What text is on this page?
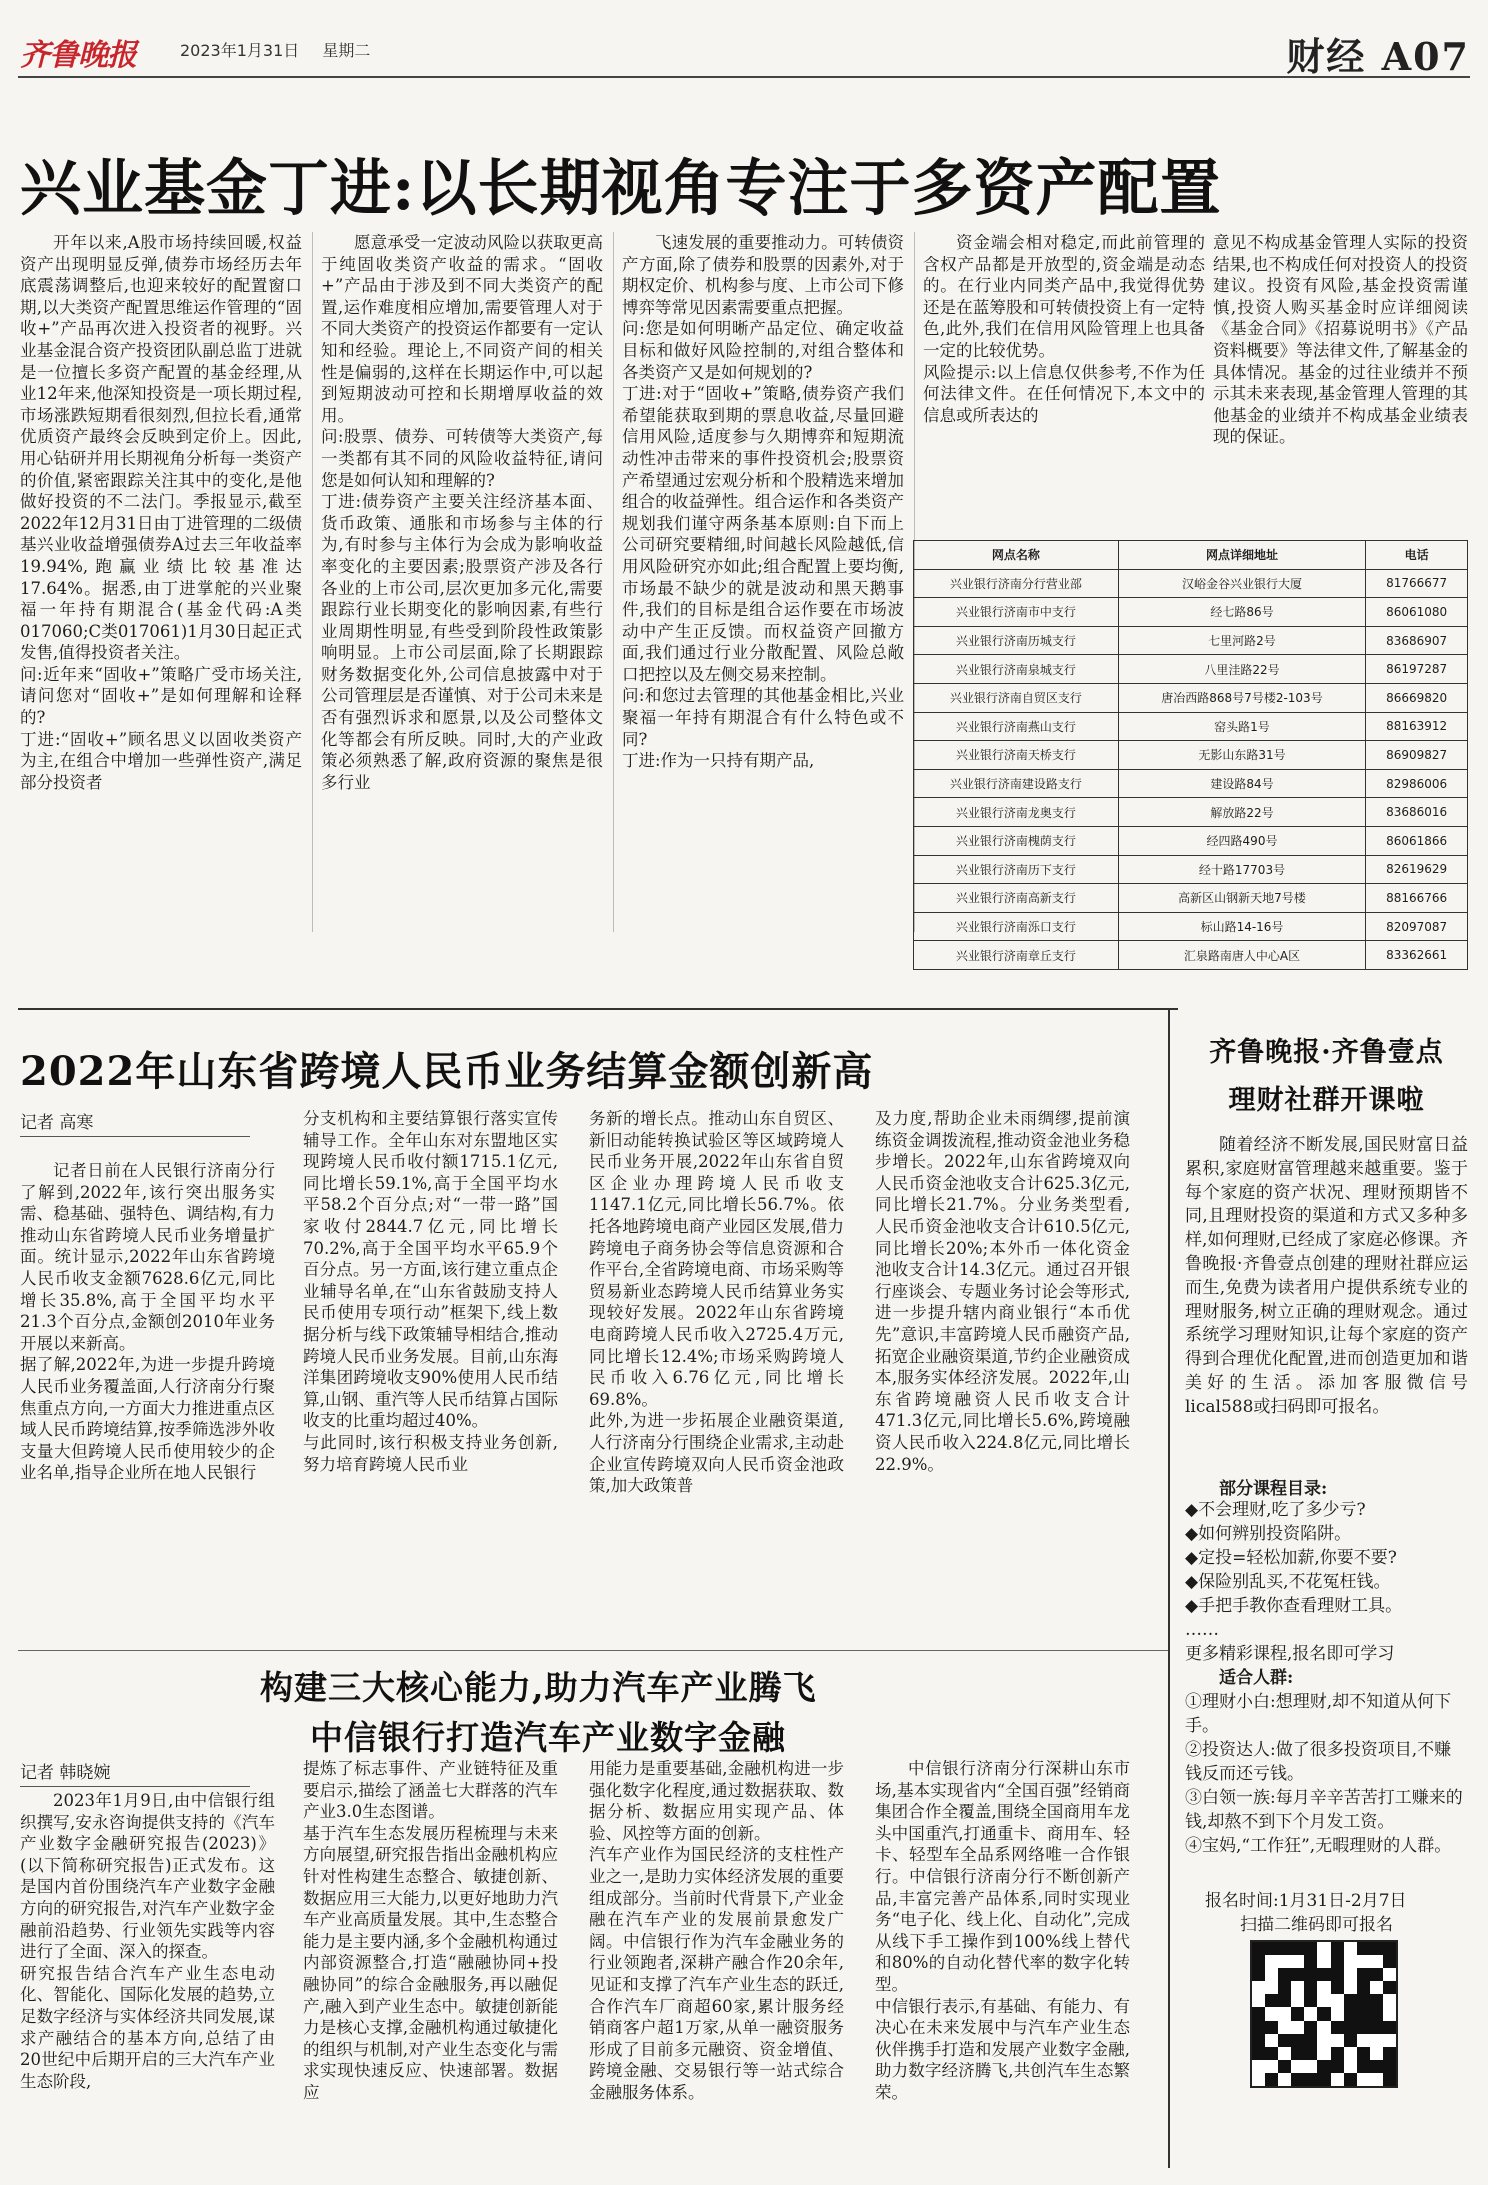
齐鲁晚报	2023年1月31日 星期二	财经 A07
兴业基金丁进:以长期视角专注于多资产配置
开年以来,A股市场持续回暖,权益资产出现明显反弹,债券市场经历去年底震荡调整后,也迎来较好的配置窗口期,以大类资产配置思维运作管理的“固收+”产品再次进入投资者的视野。兴业基金混合资产投资团队副总监丁进就是一位擅长多资产配置的基金经理,从业12年来,他深知投资是一项长期过程,市场涨跌短期看很刻烈,但拉长看,通常优质资产最终会反映到定价上。因此,用心钻研并用长期视角分析每一类资产的价值,紧密跟踪关注其中的变化,是他做好投资的不二法门。季报显示,截至2022年12月31日由丁进管理的二级债基兴业收益增强债券A过去三年收益率19.94%,跑赢业绩比较基准达17.64%。据悉,由丁进掌舵的兴业聚福一年持有期混合(基金代码:A类017060;C类017061)1月30日起正式发售,值得投资者关注。
问:近年来“固收+”策略广受市场关注,请问您对“固收+”是如何理解和诠释的?
丁进:“固收+”顾名思义以固收类资产为主,在组合中增加一些弹性资产,满足部分投资者
愿意承受一定波动风险以获取更高于纯固收类资产收益的需求。“固收+”产品由于涉及到不同大类资产的配置,运作难度相应增加,需要管理人对于不同大类资产的投资运作都要有一定认知和经验。理论上,不同资产间的相关性是偏弱的,这样在长期运作中,可以起到短期波动可控和长期增厚收益的效用。
问:股票、债券、可转债等大类资产,每一类都有其不同的风险收益特征,请问您是如何认知和理解的?
丁进:债券资产主要关注经济基本面、货币政策、通胀和市场参与主体的行为,有时参与主体行为会成为影响收益率变化的主要因素;股票资产涉及各行各业的上市公司,层次更加多元化,需要跟踪行业长期变化的影响因素,有些行业周期性明显,有些受到阶段性政策影响明显。上市公司层面,除了长期跟踪财务数据变化外,公司信息披露中对于公司管理层是否谨慎、对于公司未来是否有强烈诉求和愿景,以及公司整体文化等都会有所反映。同时,大的产业政策必须熟悉了解,政府资源的聚焦是很多行业
飞速发展的重要推动力。可转债资产方面,除了债券和股票的因素外,对于期权定价、机构参与度、上市公司下修博弈等常见因素需要重点把握。
问:您是如何明晰产品定位、确定收益目标和做好风险控制的,对组合整体和各类资产又是如何规划的?
丁进:对于“固收+”策略,债券资产我们希望能获取到期的票息收益,尽量回避信用风险,适度参与久期博弈和短期流动性冲击带来的事件投资机会;股票资产希望通过宏观分析和个股精选来增加组合的收益弹性。组合运作和各类资产规划我们谨守两条基本原则:自下而上公司研究要精细,时间越长风险越低,信用风险研究亦如此;组合配置上要均衡,市场最不缺少的就是波动和黑天鹅事件,我们的目标是组合运作要在市场波动中产生正反馈。而权益资产回撤方面,我们通过行业分散配置、风险总敞口把控以及左侧交易来控制。
问:和您过去管理的其他基金相比,兴业聚福一年持有期混合有什么特色或不同?
丁进:作为一只持有期产品,
资金端会相对稳定,而此前管理的含权产品都是开放型的,资金端是动态的。在行业内同类产品中,我觉得优势还是在蓝筹股和可转债投资上有一定特色,此外,我们在信用风险管理上也具备一定的比较优势。
风险提示:以上信息仅供参考,不作为任何法律文件。在任何情况下,本文中的信息或所表达的
意见不构成基金管理人实际的投资结果,也不构成任何对投资人的投资建议。投资有风险,基金投资需谨慎,投资人购买基金时应详细阅读《基金合同》《招募说明书》《产品资料概要》等法律文件,了解基金的具体情况。基金的过往业绩并不预示其未来表现,基金管理人管理的其他基金的业绩并不构成基金业绩表现的保证。
网点名称	网点详细地址	电话
兴业银行济南分行营业部	汉峪金谷兴业银行大厦	81766677
兴业银行济南市中支行	经七路86号	86061080
兴业银行济南历城支行	七里河路2号	83686907
兴业银行济南泉城支行	八里洼路22号	86197287
兴业银行济南自贸区支行	唐冶西路868号7号楼2-103号	86669820
兴业银行济南燕山支行	窑头路1号	88163912
兴业银行济南天桥支行	无影山东路31号	86909827
兴业银行济南建设路支行	建设路84号	82986006
兴业银行济南龙奥支行	解放路22号	83686016
兴业银行济南槐荫支行	经四路490号	86061866
兴业银行济南历下支行	经十路17703号	82619629
兴业银行济南高新支行	高新区山钢新天地7号楼	88166766
兴业银行济南泺口支行	标山路14-16号	82097087
兴业银行济南章丘支行	汇泉路南唐人中心A区	83362661
2022年山东省跨境人民币业务结算金额创新高
记者 高寒
记者日前在人民银行济南分行了解到,2022年,该行突出服务实需、稳基础、强特色、调结构,有力推动山东省跨境人民币业务增量扩面。统计显示,2022年山东省跨境人民币收支金额7628.6亿元,同比增长35.8%,高于全国平均水平21.3个百分点,金额创2010年业务开展以来新高。
据了解,2022年,为进一步提升跨境人民币业务覆盖面,人行济南分行聚焦重点方向,一方面大力推进重点区域人民币跨境结算,按季筛选涉外收支量大但跨境人民币使用较少的企业名单,指导企业所在地人民银行
分支机构和主要结算银行落实宣传辅导工作。全年山东对东盟地区实现跨境人民币收付额1715.1亿元,同比增长59.1%,高于全国平均水平58.2个百分点;对“一带一路”国家收付2844.7亿元,同比增长70.2%,高于全国平均水平65.9个百分点。另一方面,该行建立重点企业辅导名单,在“山东省鼓励支持人民币使用专项行动”框架下,线上数据分析与线下政策辅导相结合,推动跨境人民币业务发展。目前,山东海洋集团跨境收支90%使用人民币结算,山钢、重汽等人民币结算占国际收支的比重均超过40%。
与此同时,该行积极支持业务创新,努力培育跨境人民币业
务新的增长点。推动山东自贸区、新旧动能转换试验区等区域跨境人民币业务开展,2022年山东省自贸区企业办理跨境人民币收支1147.1亿元,同比增长56.7%。依托各地跨境电商产业园区发展,借力跨境电子商务协会等信息资源和合作平台,全省跨境电商、市场采购等贸易新业态跨境人民币结算业务实现较好发展。2022年山东省跨境电商跨境人民币收入2725.4万元,同比增长12.4%;市场采购跨境人民币收入6.76亿元,同比增长69.8%。
此外,为进一步拓展企业融资渠道,人行济南分行围绕企业需求,主动赴企业宣传跨境双向人民币资金池政策,加大政策普
及力度,帮助企业未雨绸缪,提前演练资金调拨流程,推动资金池业务稳步增长。2022年,山东省跨境双向人民币资金池收支合计625.3亿元,同比增长21.7%。分业务类型看,人民币资金池收支合计610.5亿元,同比增长20%;本外币一体化资金池收支合计14.3亿元。通过召开银行座谈会、专题业务讨论会等形式,进一步提升辖内商业银行“本币优先”意识,丰富跨境人民币融资产品,拓宽企业融资渠道,节约企业融资成本,服务实体经济发展。2022年,山东省跨境融资人民币收支合计471.3亿元,同比增长5.6%,跨境融资人民币收入224.8亿元,同比增长22.9%。
齐鲁晚报·齐鲁壹点
理财社群开课啦
随着经济不断发展,国民财富日益累积,家庭财富管理越来越重要。鉴于每个家庭的资产状况、理财预期皆不同,且理财投资的渠道和方式又多种多样,如何理财,已经成了家庭必修课。齐鲁晚报·齐鲁壹点创建的理财社群应运而生,免费为读者用户提供系统专业的理财服务,树立正确的理财观念。通过系统学习理财知识,让每个家庭的资产得到合理优化配置,进而创造更加和谐美好的生活。添加客服微信号lical588或扫码即可报名。
部分课程目录:
◆不会理财,吃了多少亏?
◆如何辨别投资陷阱。
◆定投=轻松加薪,你要不要?
◆保险别乱买,不花冤枉钱。
◆手把手教你查看理财工具。
……
更多精彩课程,报名即可学习
适合人群:
①理财小白:想理财,却不知道从何下手。
②投资达人:做了很多投资项目,不赚钱反而还亏钱。
③白领一族:每月辛辛苦苦打工赚来的钱,却熬不到下个月发工资。
④宝妈,“工作狂”,无暇理财的人群。
报名时间:1月31日-2月7日
扫描二维码即可报名
构建三大核心能力,助力汽车产业腾飞
中信银行打造汽车产业数字金融
记者 韩晓婉
2023年1月9日,由中信银行组织撰写,安永咨询提供支持的《汽车产业数字金融研究报告(2023)》(以下简称研究报告)正式发布。这是国内首份围绕汽车产业数字金融方向的研究报告,对汽车产业数字金融前沿趋势、行业领先实践等内容进行了全面、深入的探查。
研究报告结合汽车产业生态电动化、智能化、国际化发展的趋势,立足数字经济与实体经济共同发展,谋求产融结合的基本方向,总结了由20世纪中后期开启的三大汽车产业生态阶段,
提炼了标志事件、产业链特征及重要启示,描绘了涵盖七大群落的汽车产业3.0生态图谱。
基于汽车生态发展历程梳理与未来方向展望,研究报告指出金融机构应针对性构建生态整合、敏捷创新、数据应用三大能力,以更好地助力汽车产业高质量发展。其中,生态整合能力是主要内涵,多个金融机构通过内部资源整合,打造“融融协同+投融协同”的综合金融服务,再以融促产,融入到产业生态中。敏捷创新能力是核心支撑,金融机构通过敏捷化的组织与机制,对产业生态变化与需求实现快速反应、快速部署。数据应
用能力是重要基础,金融机构进一步强化数字化程度,通过数据获取、数据分析、数据应用实现产品、体验、风控等方面的创新。
汽车产业作为国民经济的支柱性产业之一,是助力实体经济发展的重要组成部分。当前时代背景下,产业金融在汽车产业的发展前景愈发广阔。中信银行作为汽车金融业务的行业领跑者,深耕产融合作20余年,见证和支撑了汽车产业生态的跃迁,合作汽车厂商超60家,累计服务经销商客户超1万家,从单一融资服务形成了目前多元融资、资金增值、跨境金融、交易银行等一站式综合金融服务体系。
中信银行济南分行深耕山东市场,基本实现省内“全国百强”经销商集团合作全覆盖,围绕全国商用车龙头中国重汽,打通重卡、商用车、轻卡、轻型车全品系网络唯一合作银行。中信银行济南分行不断创新产品,丰富完善产品体系,同时实现业务“电子化、线上化、自动化”,完成从线下手工操作到100%线上替代和80%的自动化替代率的数字化转型。
中信银行表示,有基础、有能力、有决心在未来发展中与汽车产业生态伙伴携手打造和发展产业数字金融,助力数字经济腾飞,共创汽车生态繁荣。
